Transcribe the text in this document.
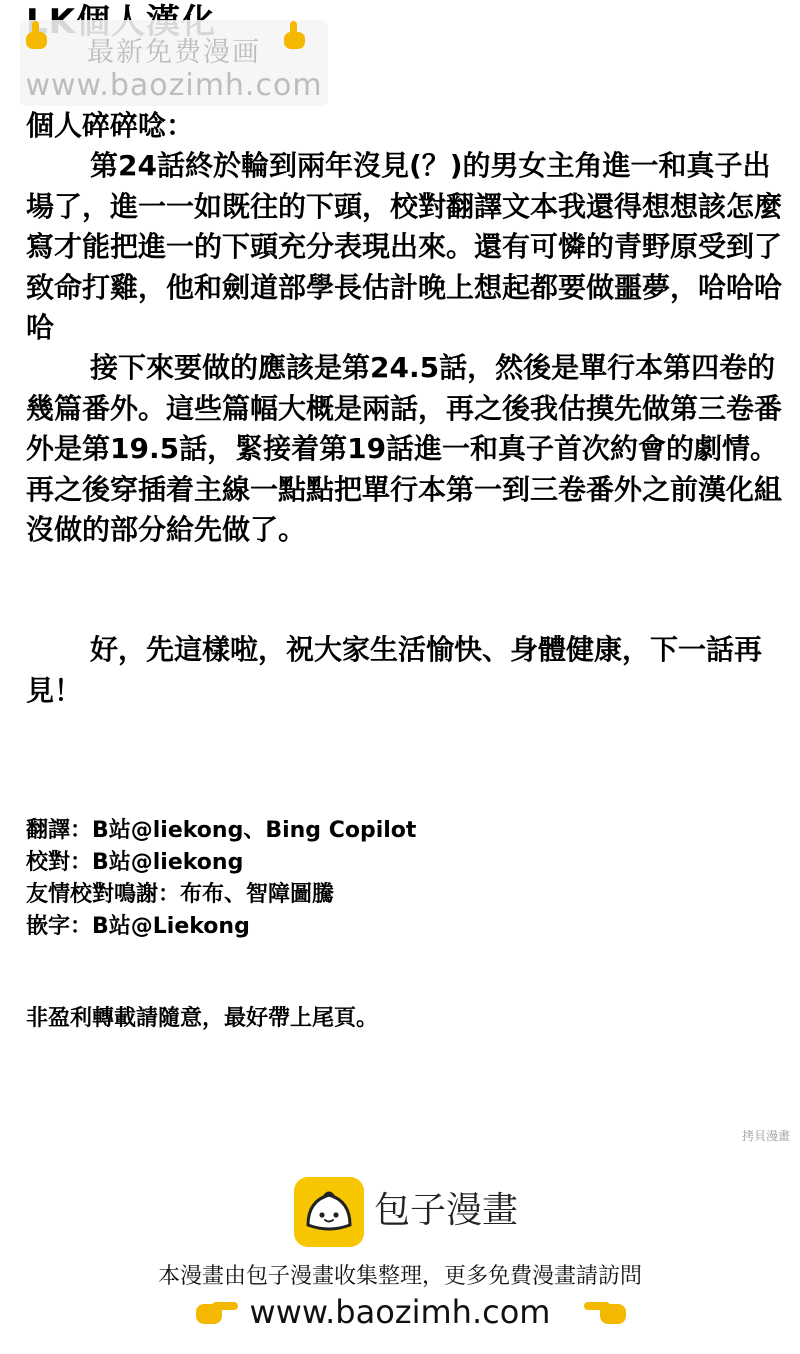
最新免费漫画
www.baozimh.com

個人碎碎唸：

第24話終於輪到兩年沒見(？)的男女主角進一和真子出場了，進一一如既往的下頭，校對翻譯文本我還得想想該怎麼寫才能把進一的下頭充分表現出來。還有可憐的青野原受到了致命打雞，他和劍道部學長估計晚上想起都要做噩夢，哈哈哈哈

接下來要做的應該是第24.5話，然後是單行本第四卷的幾篇番外。這些篇幅大概是兩話，再之後我估摸先做第三卷番外是第19.5話，緊接着第19話進一和真子首次約會的劇情。再之後穿插着主線一點點把單行本第一到三卷番外之前漢化組沒做的部分給先做了。

好，先這樣啦，祝大家生活愉快、身體健康，下一話再見！

翻譯：B站@liekong、Bing Copilot

校對：B站@liekong

友情校對鳴謝：布布、智障圖騰

嵌字：B站@Liekong

非盈利轉載請隨意，最好帶上尾頁。
拷貝漫畫
包子漫畫
本漫畫由包子漫畫收集整理，更多免費漫畫請訪問
www.baozimh.com
